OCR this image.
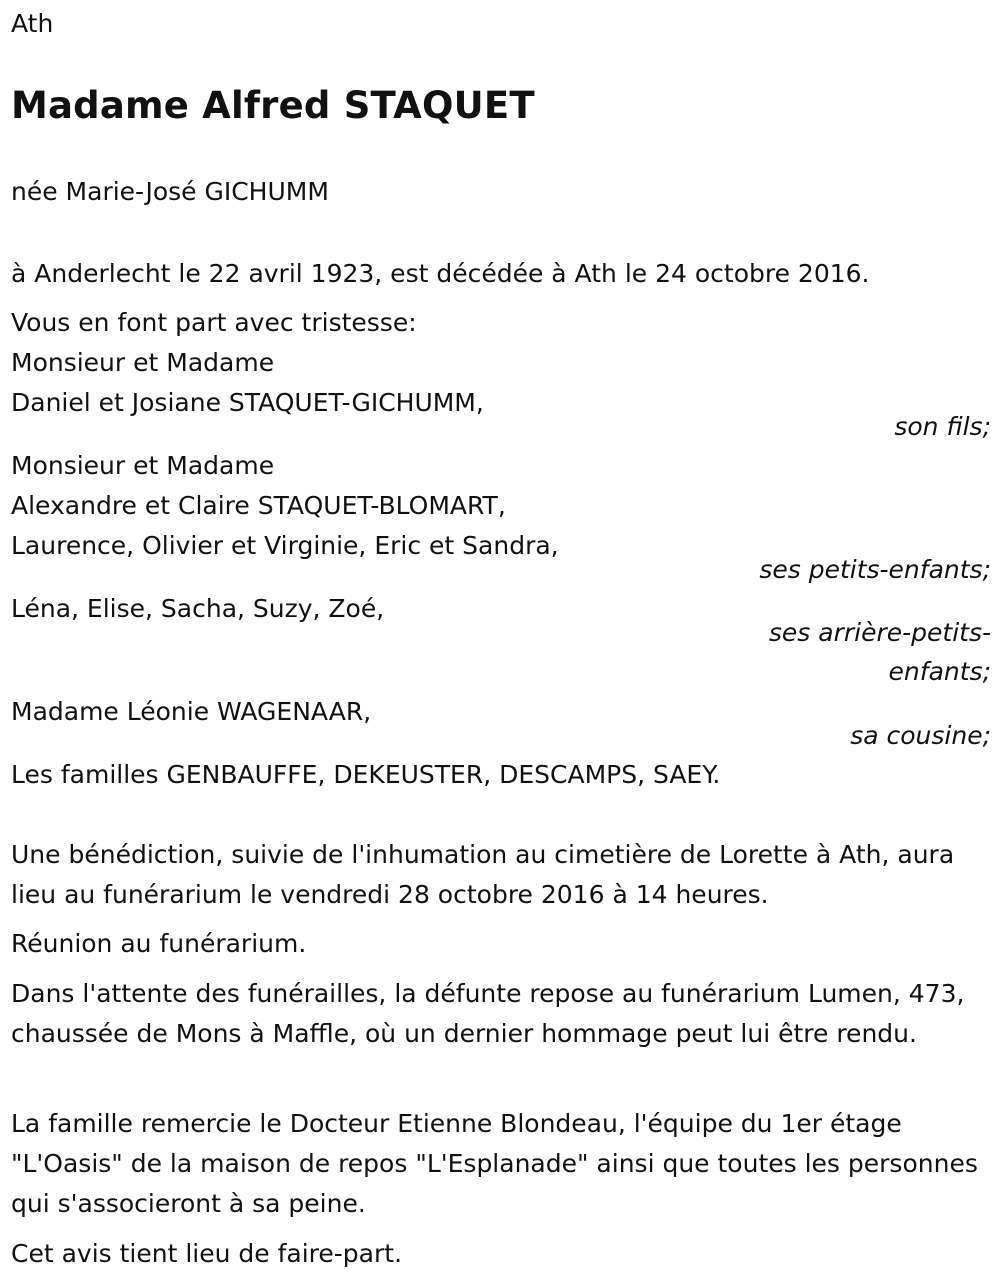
Ath
Madame Alfred STAQUET
née Marie-José GICHUMM
à Anderlecht le 22 avril 1923, est décédée à Ath le 24 octobre 2016.
Vous en font part avec tristesse:
Monsieur et Madame
Daniel et Josiane STAQUET-GICHUMM,
son fils;
Monsieur et Madame
Alexandre et Claire STAQUET-BLOMART,
Laurence, Olivier et Virginie, Eric et Sandra,
ses petits-enfants;
Léna, Elise, Sacha, Suzy, Zoé,
ses arrière-petits-
enfants;
Madame Léonie WAGENAAR,
sa cousine;
Les familles GENBAUFFE, DEKEUSTER, DESCAMPS, SAEY.
Une bénédiction, suivie de l'inhumation au cimetière de Lorette à Ath, aura lieu au funérarium le vendredi 28 octobre 2016 à 14 heures.
Réunion au funérarium.
Dans l'attente des funérailles, la défunte repose au funérarium Lumen, 473, chaussée de Mons à Maffle, où un dernier hommage peut lui être rendu.
La famille remercie le Docteur Etienne Blondeau, l'équipe du 1er étage "L'Oasis" de la maison de repos "L'Esplanade" ainsi que toutes les personnes qui s'associeront à sa peine.
Cet avis tient lieu de faire-part.
